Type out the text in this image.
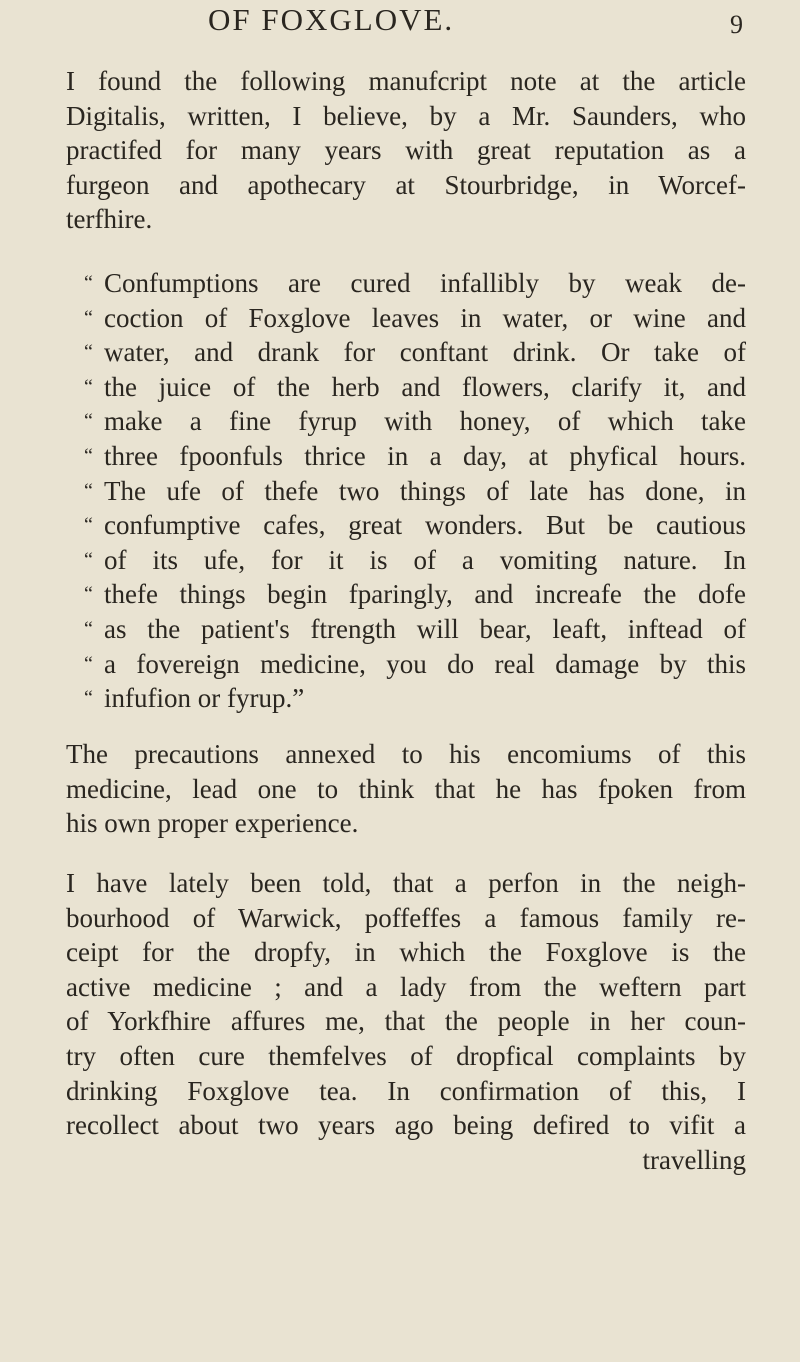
OF FOXGLOVE.	9
I found the following manufcript note at the article
Digitalis, written, I believe, by a Mr. Saunders, who
practifed for many years with great reputation as a
furgeon and apothecary at Stourbridge, in Worcef-
terfhire.
“ Confumptions are cured infallibly by weak de-
“ coction of Foxglove leaves in water, or wine and
“ water, and drank for conftant drink. Or take of
“ the juice of the herb and flowers, clarify it, and
“ make a fine fyrup with honey, of which take
“ three fpoonfuls thrice in a day, at phyfical hours.
“ The ufe of thefe two things of late has done, in
“ confumptive cafes, great wonders. But be cautious
“ of its ufe, for it is of a vomiting nature. In
“ thefe things begin fparingly, and increafe the dofe
“ as the patient's ftrength will bear, leaft, inftead of
“ a fovereign medicine, you do real damage by this
“ infufion or fyrup.”
The precautions annexed to his encomiums of this
medicine, lead one to think that he has fpoken from
his own proper experience.
I have lately been told, that a perfon in the neigh-
bourhood of Warwick, poffeffes a famous family re-
ceipt for the dropfy, in which the Foxglove is the
active medicine ; and a lady from the weftern part
of Yorkfhire affures me, that the people in her coun-
try often cure themfelves of dropfical complaints by
drinking Foxglove tea. In confirmation of this, I
recollect about two years ago being defired to vifit a
travelling
